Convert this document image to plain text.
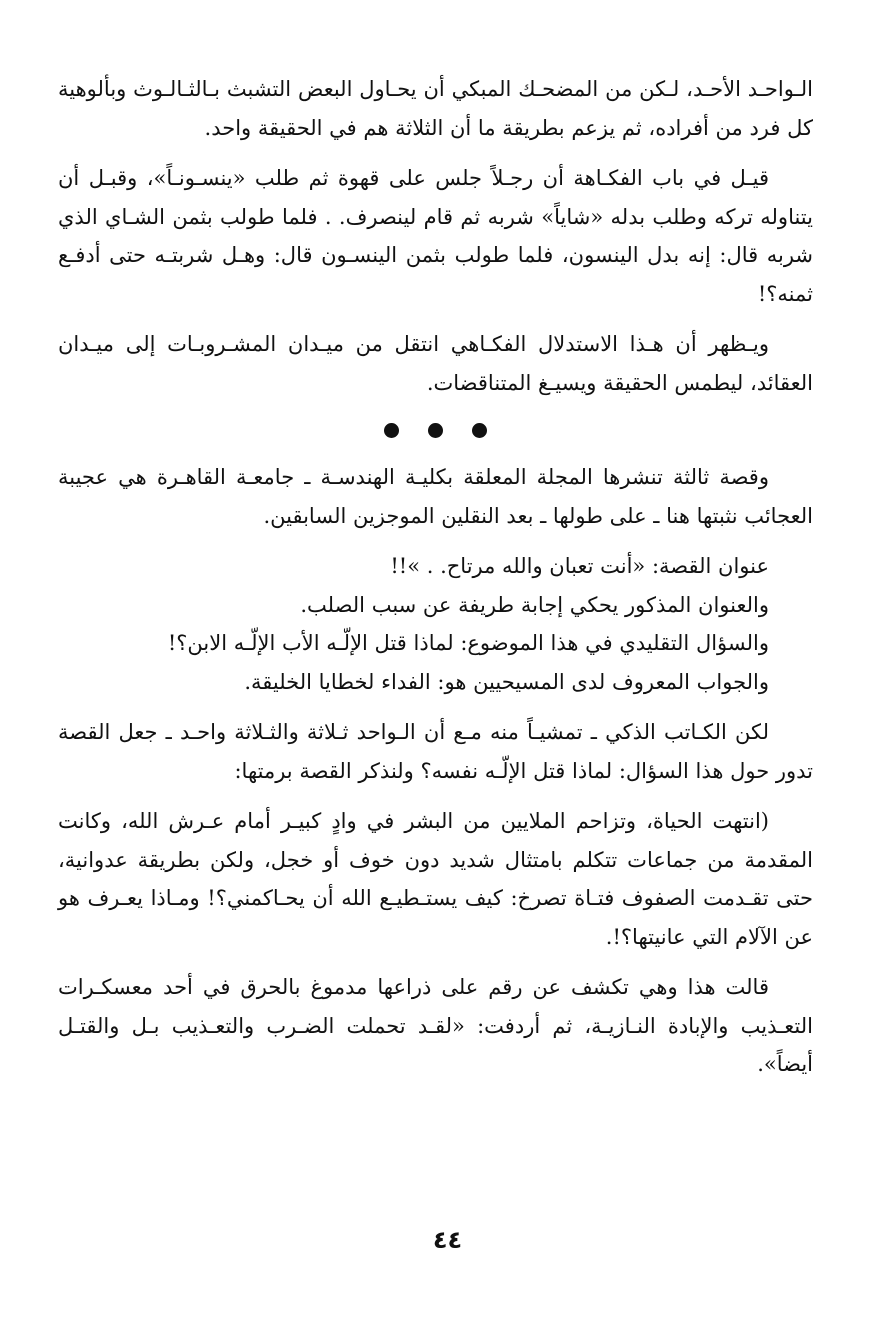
الـواحـد الأحـد، لـكن من المضحـك المبكي أن يحـاول البعض التشبث بـالثـالـوث وبألوهية كل فرد من أفراده، ثم يزعم بطريقة ما أن الثلاثة هم في الحقيقة واحد.

قيـل في باب الفكـاهة أن رجـلاً جلس على قهوة ثم طلب «ينسـونـاً»، وقبـل أن يتناوله تركه وطلب بدله «شاياً» شربه ثم قام لينصرف. . فلما طولب بثمن الشـاي الذي شربه قال: إنه بدل الينسون، فلما طولب بثمن الينسـون قال: وهـل شربتـه حتى أدفـع ثمنه؟!

ويـظهر أن هـذا الاستدلال الفكـاهي انتقل من ميـدان المشـروبـات إلى ميـدان العقائد، ليطمس الحقيقة ويسيـغ المتناقضات.

وقصة ثالثة تنشرها المجلة المعلقة بكليـة الهندسـة ـ جامعـة القاهـرة هي عجيبة العجائب نثبتها هنا ـ على طولها ـ بعد النقلين الموجزين السابقين.

عنوان القصة: «أنت تعبان والله مرتاح. . »!!

والعنوان المذكور يحكي إجابة طريفة عن سبب الصلب.

والسؤال التقليدي في هذا الموضوع: لماذا قتل الإلّـه الأب الإلّـه الابن؟!

والجواب المعروف لدى المسيحيين هو: الفداء لخطايا الخليقة.

لكن الكـاتب الذكي ـ تمشيـاً منه مـع أن الـواحد ثـلاثة والثـلاثة واحـد ـ جعل القصة تدور حول هذا السؤال: لماذا قتل الإلّـه نفسه؟ ولنذكر القصة برمتها:

(انتهت الحياة، وتزاحم الملايين من البشر في وادٍ كبيـر أمام عـرش الله، وكانت المقدمة من جماعات تتكلم بامتثال شديد دون خوف أو خجل، ولكن بطريقة عدوانية، حتى تقـدمت الصفوف فتـاة تصرخ: كيف يستـطيـع الله أن يحـاكمني؟! ومـاذا يعـرف هو عن الآلام التي عانيتها؟!.

قالت هذا وهي تكشف عن رقم على ذراعها مدموغ بالحرق في أحد معسكـرات التعـذيب والإبادة النـازيـة، ثم أردفت: «لقـد تحملت الضـرب والتعـذيب بـل والقتـل أيضاً».

٤٤
